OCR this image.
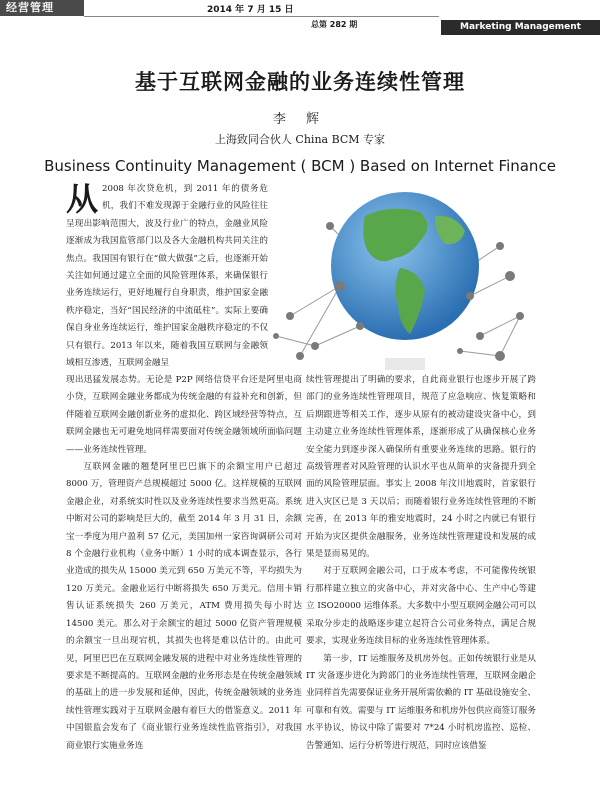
经营管理	2014 年 7 月 15 日
总第 282 期	Marketing Management
基于互联网金融的业务连续性管理
李 辉
上海致同合伙人 China BCM 专家
Business Continuity Management ( BCM ) Based on Internet Finance

从 2008 年次贷危机，到 2011 年的债务危机，我们不难发现源于金融行业的风险往往呈现出影响范围大，波及行业广的特点，金融业风险逐渐成为我国监管部门以及各大金融机构共同关注的焦点。我国国有银行在“做大做强”之后，也逐渐开始关注如何通过建立全面的风险管理体系，来确保银行业务连续运行，更好地履行自身职责，维护国家金融秩序稳定，当好“国民经济的中流砥柱”。实际上要确保自身业务连续运行，维护国家金融秩序稳定的不仅只有银行。2013 年以来，随着我国互联网与金融领域相互渗透，互联网金融呈

现出迅猛发展态势。无论是 P2P 网络信贷平台还是阿里电商小贷，互联网金融业务都成为传统金融的有益补充和创新，但伴随着互联网金融创新业务的虚拟化、跨区域经营等特点，互联网金融也无可避免地同样需要面对传统金融领域所面临问题——业务连续性管理。

互联网金融的翘楚阿里巴巴旗下的余额宝用户已超过 8000 万，管理资产总规模超过 5000 亿。这样规模的互联网金融企业，对系统实时性以及业务连续性要求当然更高。系统中断对公司的影响是巨大的，截至 2014 年 3 月 31 日，余额宝一季度为用户盈利 57 亿元，美国加州一家咨询调研公司对 8 个金融行业机构（业务中断）1 小时的成本调查显示，各行业造成的损失从 15000 美元到 650 万美元不等，平均损失为 120 万美元。金融业运行中断将损失 650 万美元。信用卡销售认证系统损失 260 万美元，ATM 费用损失每小时达 14500 美元。那么对于余额宝的超过 5000 亿资产管理规模的余额宝一旦出现宕机，其损失也将是难以估计的。由此可见，阿里巴巴在互联网金融发展的进程中对业务连续性管理的要求是不断提高的。互联网金融的业务形态是在传统金融领域的基础上的进一步发展和延伸，因此，传统金融领域的业务连续性管理实践对于互联网金融有着巨大的借鉴意义。2011 年中国银监会发布了《商业银行业务连续性监管指引》，对我国商业银行实施业务连

续性管理提出了明确的要求，自此商业银行也逐步开展了跨部门的业务连续性管理项目，规范了应急响应、恢复策略和后期跟进等相关工作，逐步从原有的被动建设灾备中心，到主动建立业务连续性管理体系，逐渐形成了从确保核心业务安全能力到逐步深入确保所有重要业务连续的思路。银行的高级管理者对风险管理的认识水平也从简单的灾备提升到全面的风险管理层面。事实上 2008 年汶川地震时，首家银行进入灾区已是 3 天以后；而随着银行业务连续性管理的不断完善，在 2013 年的雅安地震时，24 小时之内就已有银行开始为灾区提供金融服务，业务连续性管理建设和发展的成果是显而易见的。

对于互联网金融公司，口于成本考虑，不可能像传统银行那样建立独立的灾备中心，并对灾备中心、生产中心等建立 ISO20000 运维体系。大多数中小型互联网金融公司可以采取分步走的战略逐步建立起符合公司业务特点，满足合规要求，实现业务连续目标的业务连续性管理体系。

第一步，IT 运维服务及机房外包。正如传统银行业是从 IT 灾备逐步进化为跨部门的业务连续性管理，互联网金融企业同样首先需要保证业务开展所需依赖的 IT 基础设施安全、可靠和有效。需要与 IT 运维服务和机房外包供应商签订服务水平协议，协议中除了需要对 7*24 小时机房监控、巡检、告警通知、运行分析等进行规范，同时应该借鉴
